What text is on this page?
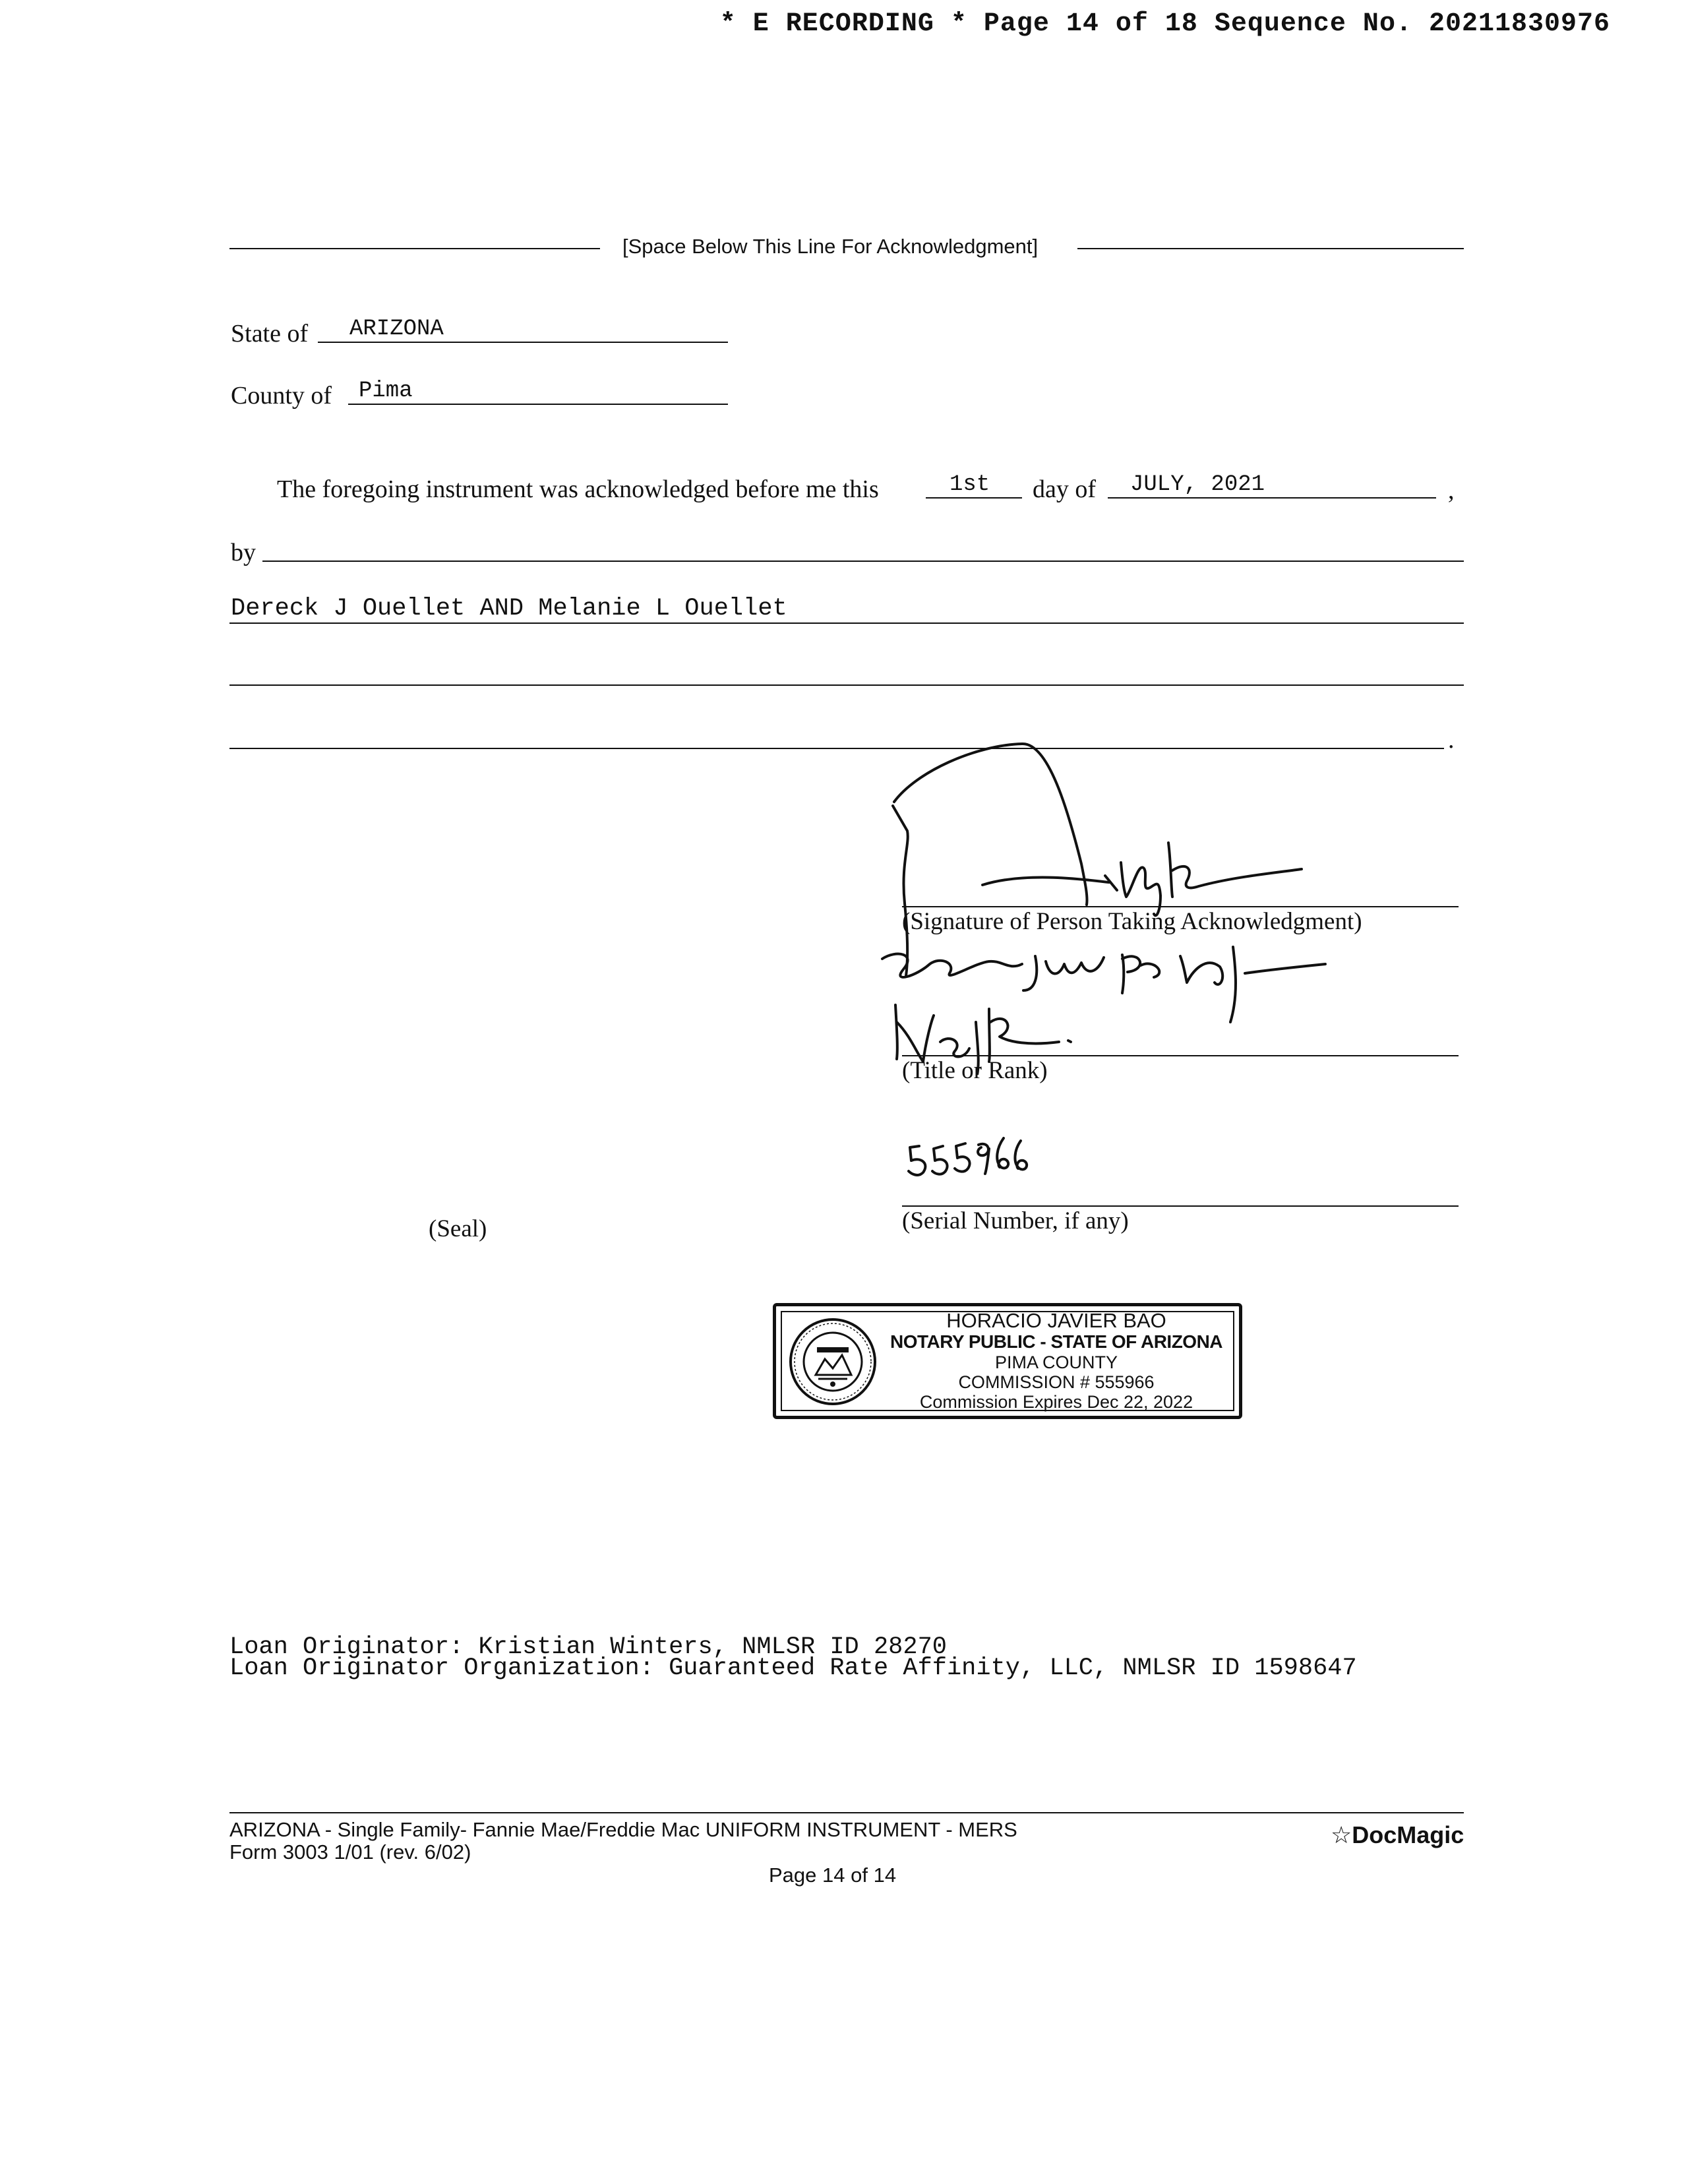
* E RECORDING * Page 14 of 18 Sequence No. 20211830976
[Space Below This Line For Acknowledgment]
State of ARIZONA
County of Pima
The foregoing instrument was acknowledged before me this	1st day of JULY, 2021	,
by
Dereck J Ouellet AND Melanie L Ouellet
.
(Signature of Person Taking Acknowledgment)
(Title or Rank)
(Serial Number, if any)
(Seal)
HORACIO JAVIER BAO
NOTARY PUBLIC - STATE OF ARIZONA
PIMA COUNTY
COMMISSION # 555966
Commission Expires Dec 22, 2022
Loan Originator: Kristian Winters, NMLSR ID 28270
Loan Originator Organization: Guaranteed Rate Affinity, LLC, NMLSR ID 1598647
ARIZONA - Single Family- Fannie Mae/Freddie Mac UNIFORM INSTRUMENT - MERS
Form 3003 1/01 (rev. 6/02)
Page 14 of 14
☆DocMagic
